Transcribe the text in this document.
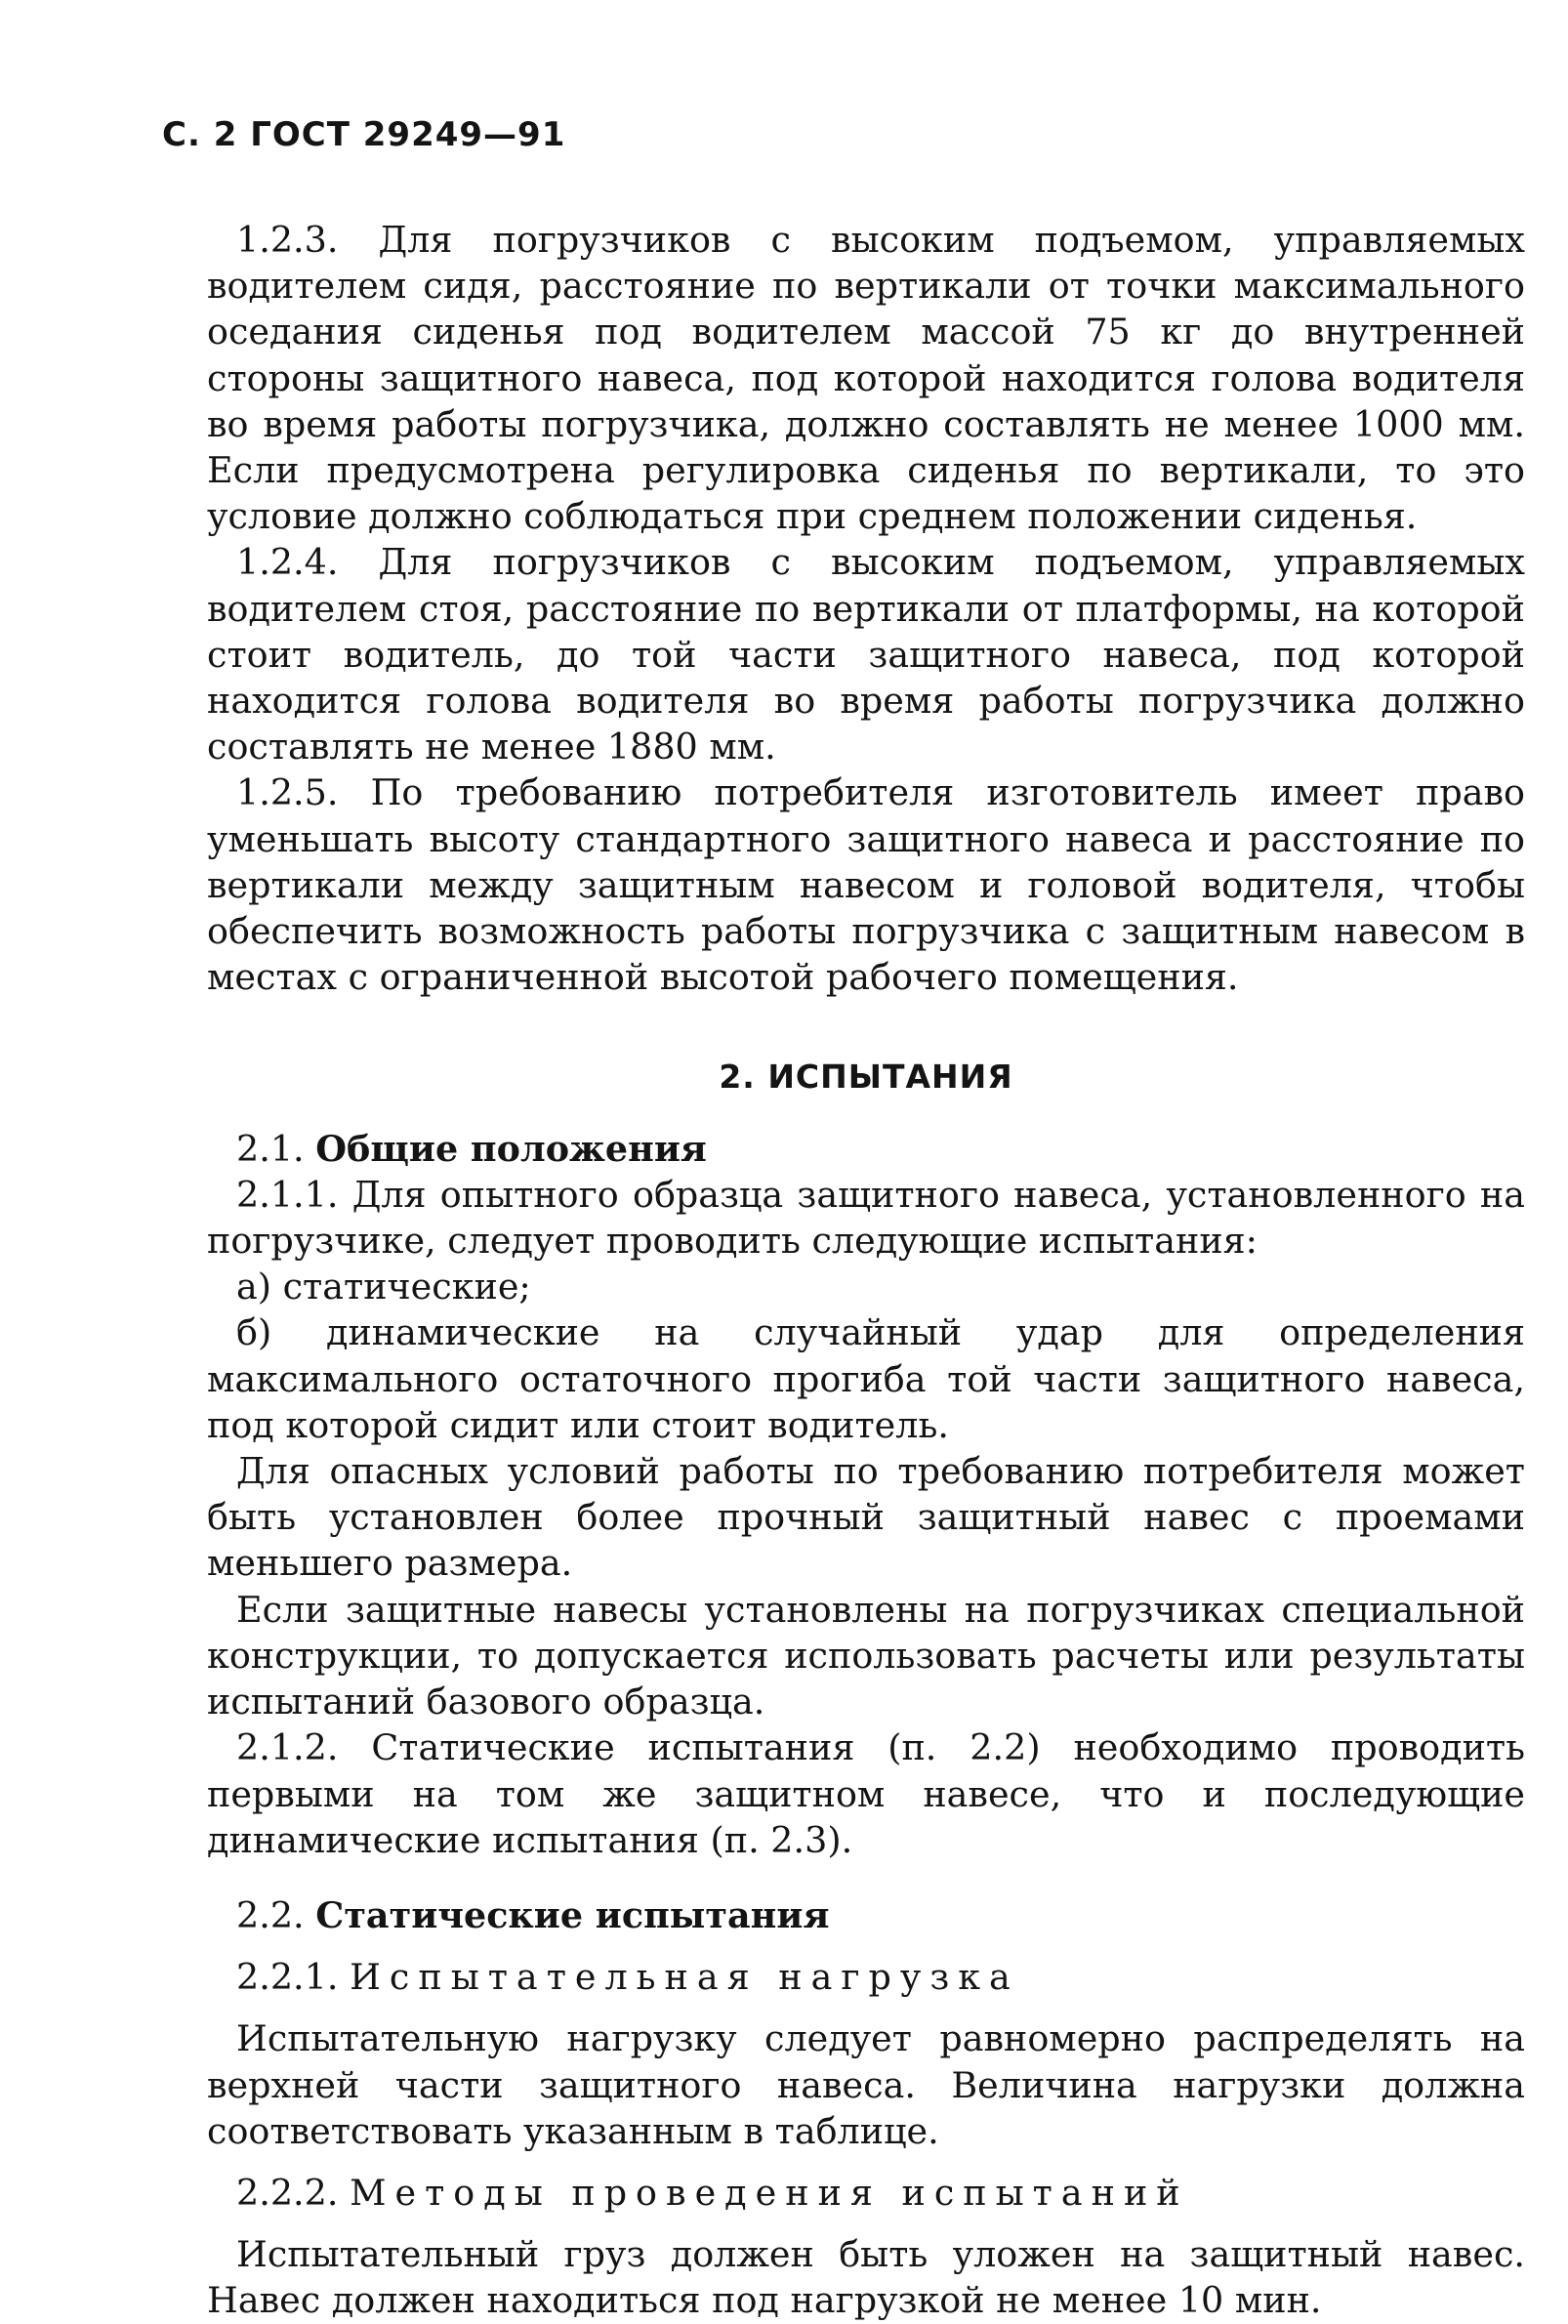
С. 2 ГОСТ 29249—91

1.2.3. Для погрузчиков с высоким подъемом, управляемых водителем сидя, расстояние по вертикали от точки максимального оседания сиденья под водителем массой 75 кг до внутренней стороны защитного навеса, под которой находится голова водителя во время работы погрузчика, должно составлять не менее 1000 мм. Если предусмотрена регулировка сиденья по вертикали, то это условие должно соблюдаться при среднем положении сиденья.

1.2.4. Для погрузчиков с высоким подъемом, управляемых водителем стоя, расстояние по вертикали от платформы, на которой стоит водитель, до той части защитного навеса, под которой находится голова водителя во время работы погрузчика должно составлять не менее 1880 мм.

1.2.5. По требованию потребителя изготовитель имеет право уменьшать высоту стандартного защитного навеса и расстояние по вертикали между защитным навесом и головой водителя, чтобы обеспечить возможность работы погрузчика с защитным навесом в местах с ограниченной высотой рабочего помещения.

2. ИСПЫТАНИЯ

2.1. Общие положения

2.1.1. Для опытного образца защитного навеса, установленного на погрузчике, следует проводить следующие испытания:

а) статические;

б) динамические на случайный удар для определения максимального остаточного прогиба той части защитного навеса, под которой сидит или стоит водитель.

Для опасных условий работы по требованию потребителя может быть установлен более прочный защитный навес с проемами меньшего размера.

Если защитные навесы установлены на погрузчиках специальной конструкции, то допускается использовать расчеты или результаты испытаний базового образца.

2.1.2. Статические испытания (п. 2.2) необходимо проводить первыми на том же защитном навесе, что и последующие динамические испытания (п. 2.3).

2.2. Статические испытания

2.2.1. Испытательная нагрузка

Испытательную нагрузку следует равномерно распределять на верхней части защитного навеса. Величина нагрузки должна соответствовать указанным в таблице.

2.2.2. Методы проведения испытаний

Испытательный груз должен быть уложен на защитный навес. Навес должен находиться под нагрузкой не менее 10 мин.
